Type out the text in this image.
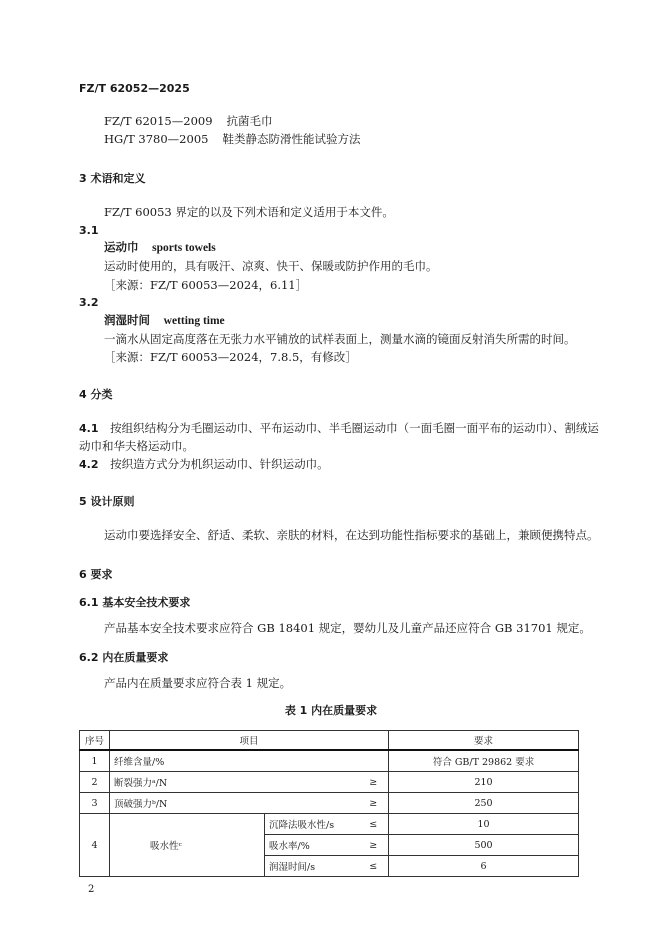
FZ/T 62052—2025
FZ/T 62015—2009 抗菌毛巾
HG/T 3780—2005 鞋类静态防滑性能试验方法
3 术语和定义
FZ/T 60053 界定的以及下列术语和定义适用于本文件。
3.1
运动巾 sports towels
运动时使用的，具有吸汗、凉爽、快干、保暖或防护作用的毛巾。
［来源：FZ/T 60053—2024，6.11］
3.2
润湿时间 wetting time
一滴水从固定高度落在无张力水平铺放的试样表面上，测量水滴的镜面反射消失所需的时间。
［来源：FZ/T 60053—2024，7.8.5，有修改］
4 分类
4.1 按组织结构分为毛圈运动巾、平布运动巾、半毛圈运动巾（一面毛圈一面平布的运动巾）、割绒运
动巾和华夫格运动巾。
4.2 按织造方式分为机织运动巾、针织运动巾。
5 设计原则
运动巾要选择安全、舒适、柔软、亲肤的材料，在达到功能性指标要求的基础上，兼顾便携特点。
6 要求
6.1 基本安全技术要求
产品基本安全技术要求应符合 GB 18401 规定，婴幼儿及儿童产品还应符合 GB 31701 规定。
6.2 内在质量要求
产品内在质量要求应符合表 1 规定。
表 1 内在质量要求
序号	项目			要求
1	纤维含量/%			符合 GB/T 29862 要求
2	断裂强力ᵃ/N		≥	210
3	顶破强力ᵇ/N		≥	250
4	吸水性ᶜ	沉降法吸水性/s	≤	10
		吸水率/%	≥	500
		润湿时间/s	≤	6
2
